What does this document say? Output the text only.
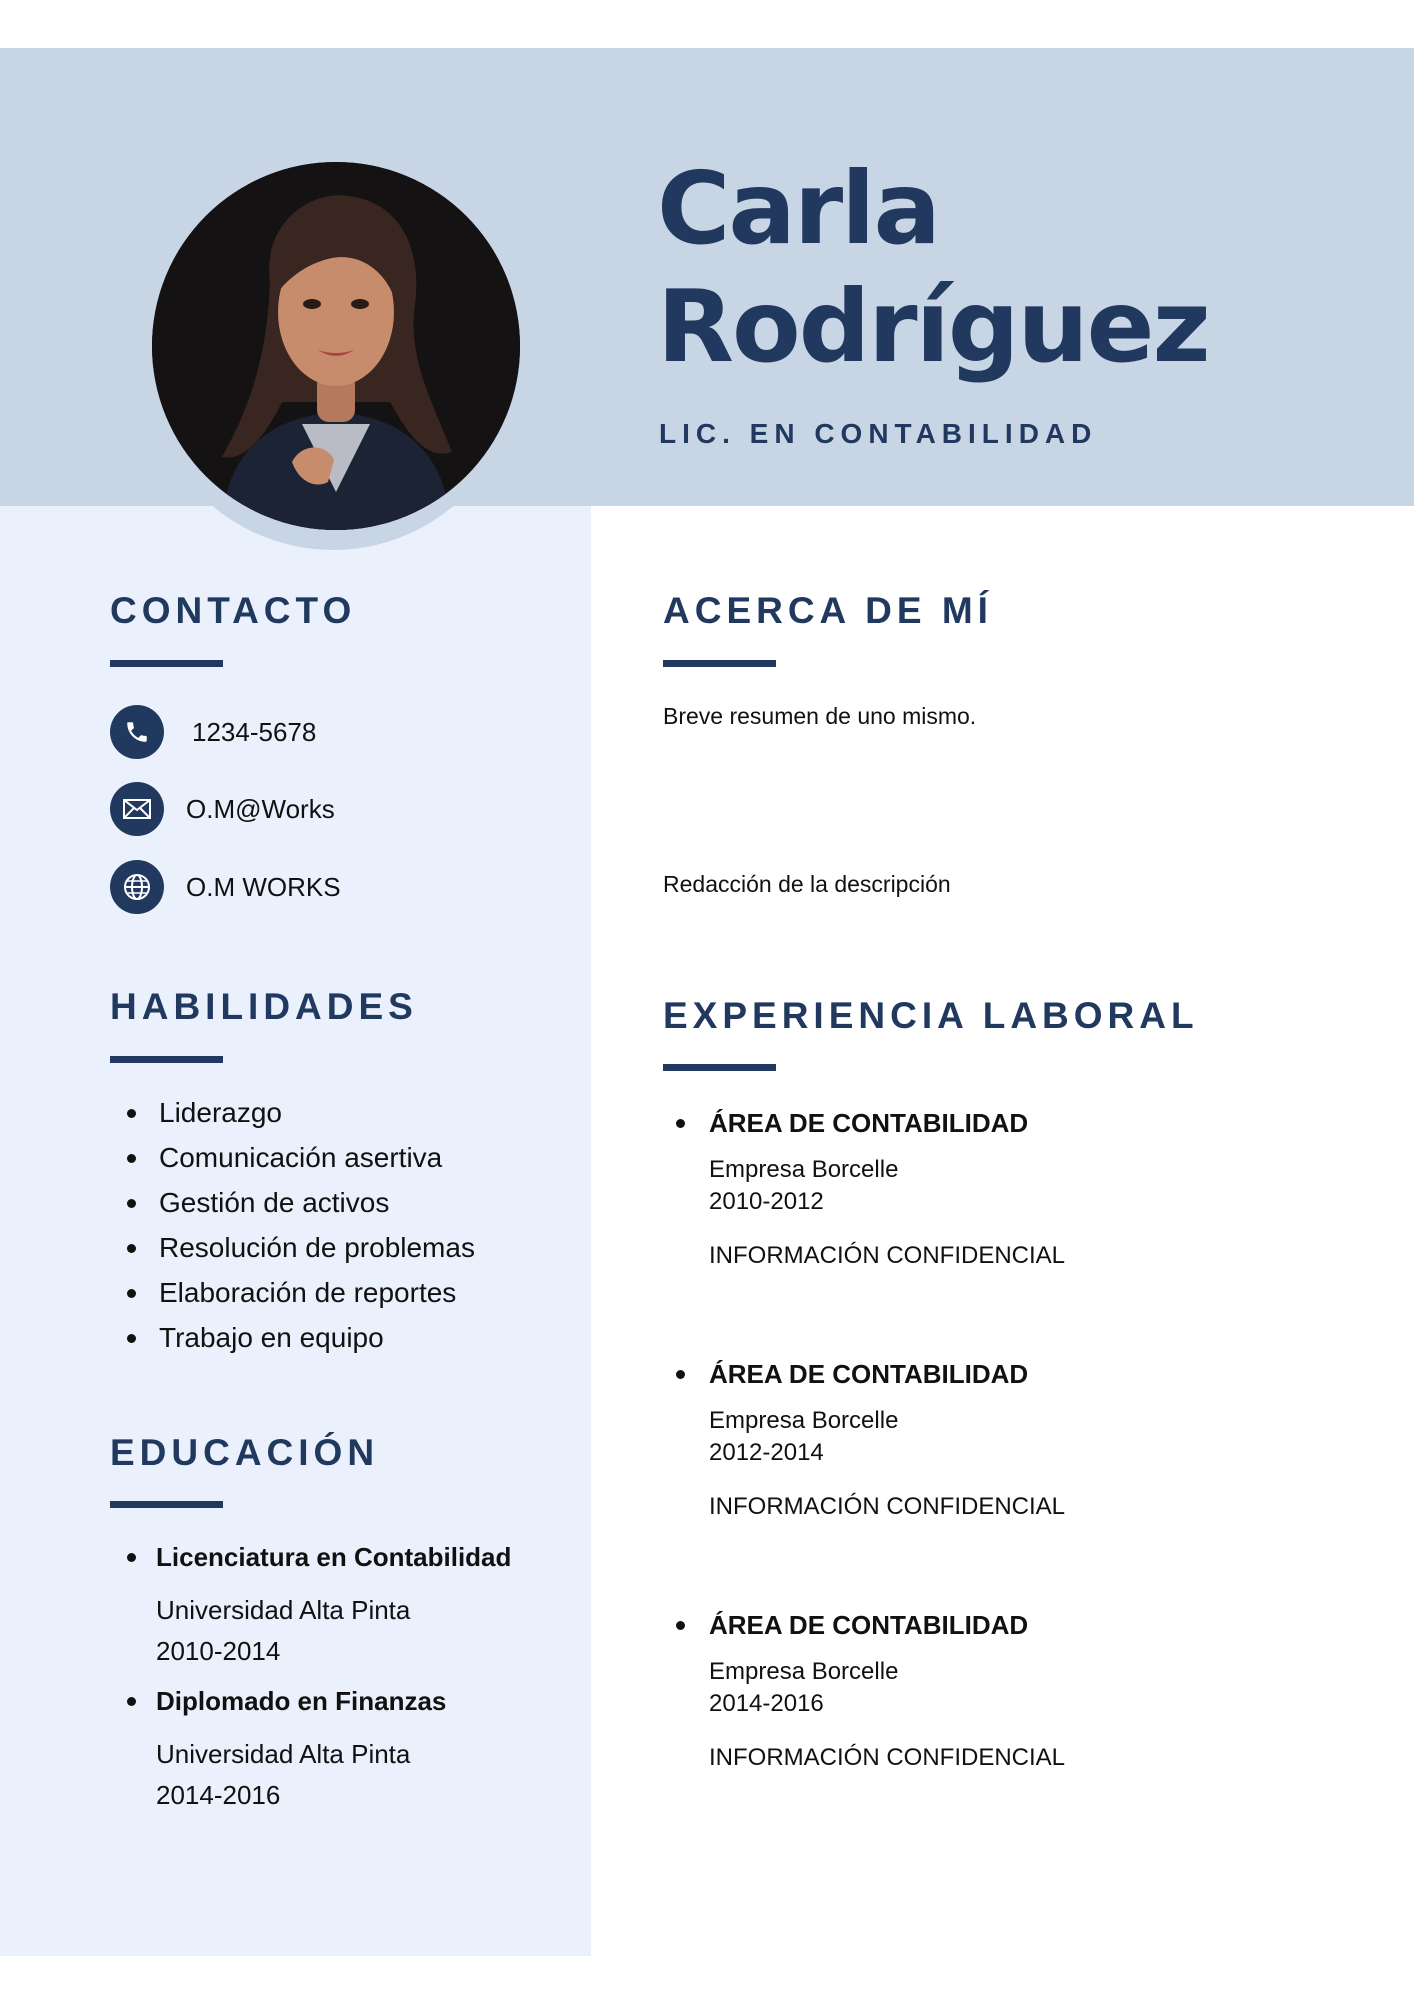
Carla
Rodríguez
LIC. EN CONTABILIDAD
CONTACTO
1234-5678
O.M@Works
O.M WORKS
HABILIDADES
Liderazgo
Comunicación asertiva
Gestión de activos
Resolución de problemas
Elaboración de reportes
Trabajo en equipo
EDUCACIÓN
Licenciatura en Contabilidad
Universidad Alta Pinta
2010-2014
Diplomado en Finanzas
Universidad Alta Pinta
2014-2016
ACERCA DE MÍ
Breve resumen de uno mismo.
Redacción de la descripción
EXPERIENCIA LABORAL
ÁREA DE CONTABILIDAD
Empresa Borcelle
2010-2012
INFORMACIÓN CONFIDENCIAL
ÁREA DE CONTABILIDAD
Empresa Borcelle
2012-2014
INFORMACIÓN CONFIDENCIAL
ÁREA DE CONTABILIDAD
Empresa Borcelle
2014-2016
INFORMACIÓN CONFIDENCIAL
